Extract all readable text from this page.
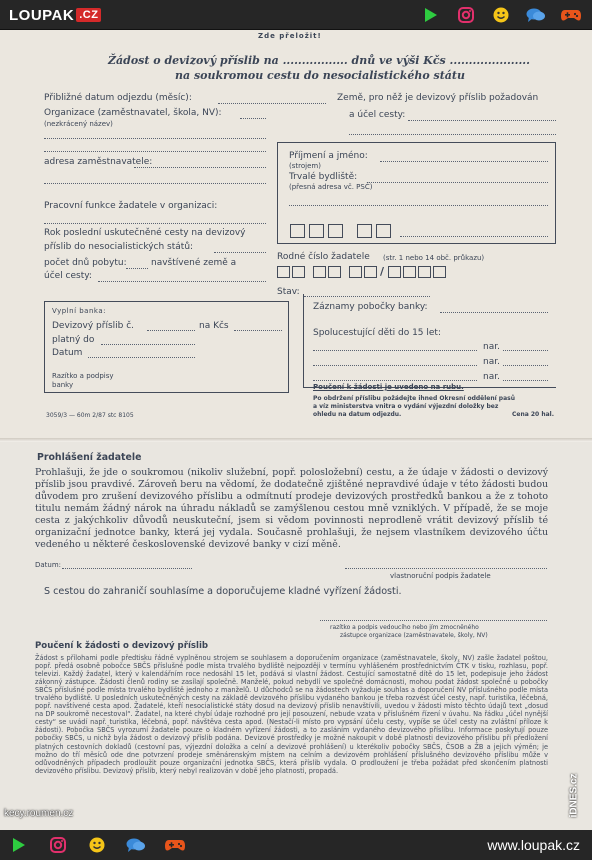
LOUPAK .CZ
Zde přeložit!
Žádost o devizový příslib na ................. dnů ve výši Kčs .....................
na soukromou cestu do nesocialistického státu
Přibližné datum odjezdu (měsíc):
Organizace (zaměstnavatel, škola, NV):
(nezkrácený název)
adresa zaměstnavatele:
Pracovní funkce žadatele v organizaci:
Rok poslední uskutečněné cesty na devizový
příslib do nesocialistických států:
počet dnů pobytu:	navštívené země a
účel cesty:
Země, pro něž je devizový příslib požadován
a účel cesty:
Příjmení a jméno:
(strojem)
Trvalé bydliště:
(přesná adresa vč. PSČ)
Rodné číslo žadatele (str. 1 nebo 14 obč. průkazu)
/
Stav:
Vyplní banka:
Devizový příslib č.	na Kčs
platný do
Datum
Razítko a podpisy
banky
Záznamy pobočky banky:
Spolucestující děti do 15 let:
nar.
nar.
nar.
Poučení k žádosti je uvedeno na rubu.
Po obdržení příslibu požádejte ihned Okresní oddělení pasů
a víz ministerstva vnitra o vydání výjezdní doložky bez
ohledu na datum odjezdu.	Cena 20 hal.
3059/3 — 60m 2/87 stc 8105
Prohlášení žadatele
Prohlašuji, že jde o soukromou (nikoliv služební, popř. polosložební) cestu, a že údaje v žádosti o devizový příslib jsou pravdivé. Zároveň beru na vědomí, že dodatečně zjištěné nepravdivé údaje v této žádosti budou důvodem pro zrušení devizového příslibu a odmítnutí prodeje devizových prostředků bankou a že z tohoto titulu nemám žádný nárok na úhradu nákladů se zamýšlenou cestou mně vzniklých. V případě, že se moje cesta z jakýchkoliv důvodů neuskuteční, jsem si vědom povinnosti neprodleně vrátit devizový příslib té organizační jednotce banky, která jej vydala. Současně prohlašuji, že nejsem vlastníkem devizového účtu vedeného u některé československé devizové banky v cizí měně.
Datum:
vlastnoruční podpis žadatele
S cestou do zahraničí souhlasíme a doporučujeme kladné vyřízení žádosti.
razítko a podpis vedoucího nebo jím zmocněného
zástupce organizace (zaměstnavatele, školy, NV)
Poučení k žádosti o devizový příslib
Žádost s přílohami podle předtisku řádně vyplněnou strojem se souhlasem a doporučením organizace (zaměstnavatele, školy, NV) zašle žadatel poštou, popř. předá osobně pobočce SBČS příslušné podle místa trvalého bydliště nejpozději v termínu vyhlášeném prostřednictvím ČTK v tisku, rozhlasu, popř. televizi. Každý žadatel, který v kalendářním roce nedosáhl 15 let, podává si vlastní žádost. Cestující samostatně dítě do 15 let, podepisuje jeho žádost zákonný zástupce. Žádosti členů rodiny se zasílají společně. Manželé, pokud nebydlí ve společné domácnosti, mohou podat žádost společně u pobočky SBČS příslušné podle místa trvalého bydliště jednoho z manželů. U důchodců se na žádostech vyžaduje souhlas a doporučení NV příslušného podle místa trvalého bydliště. U posledních uskutečněných cesty na základě devizového příslibu vydaného bankou je třeba rozvést účel cesty, např. turistika, léčebná, popř. navštívené cesta apod. Žadatelé, kteří nesocialistické státy dosud na devizový příslib nenavštívili, uvedou v žádosti místo těchto údajů text „dosud na DP soukromě necestoval“. Žadatel, na které chybí údaje rozhodné pro její posouzení, nebude vzata v příslušném řízení v úvahu. Na řádku „účel nynější cesty“ se uvádí např. turistika, léčebná, popř. návštěva cesta apod. (Nestačí-li místo pro vypsání účelu cesty, vypíše se účel cesty na zvláštní příloze k žádosti). Pobočka SBČS vyrozumí žadatele pouze o kladném vyřízení žádosti, a to zasláním vydaného devizového příslibu. Informace poskytují pouze pobočky SBČS, u nichž byla žádost o devizový příslib podána. Devizové prostředky je možné nakoupit v době platnosti devizového příslibu při předložení platných cestovních dokladů (cestovní pas, výjezdní doložka a celní a devizové prohlášení) u kterékoliv pobočky SBČS, ČSOB a ŽB a jejich výměn; je možno do tří měsíců ode dne potvrzení prodeje směnárenským místem na celním a devizovém prohlášení příslušného devizového příslibu může v odůvodněných případech prodloužit pouze organizační jednotka SBČS, která příslib vydala. O prodloužení je třeba požádat před skončením platnosti devizového příslibu. Devizový příslib, který nebyl realizován v době jeho platnosti, propadá.
kecy.roumen.cz	iDNES.cz
www.loupak.cz
